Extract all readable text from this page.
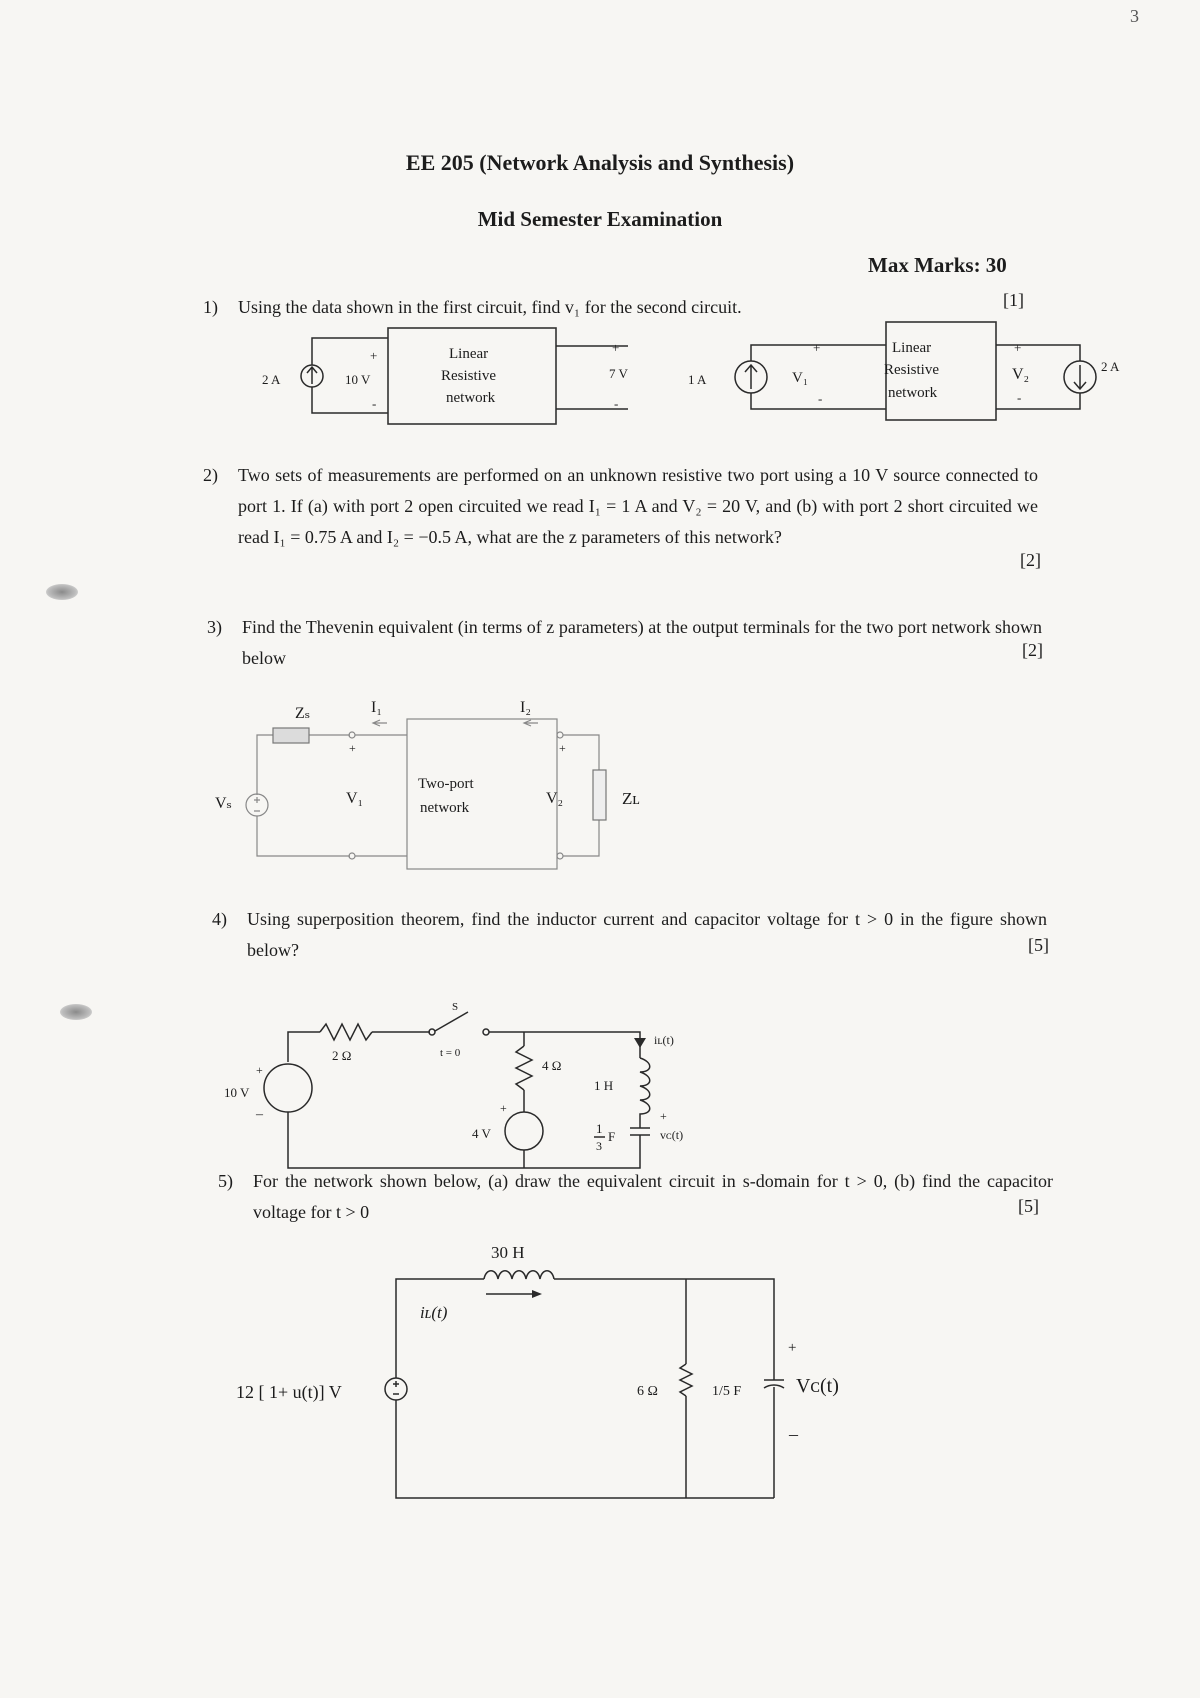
3
EE 205 (Network Analysis and Synthesis)
Mid Semester Examination
Max Marks: 30
1) Using the data shown in the first circuit, find v₁ for the second circuit.	[1]
2 A
+
10 V
-
Linear
Resistive
network
+
7 V
-
1 A
+
V₁
-
Linear
Resistive
network
+
V₂
-
2 A
2) Two sets of measurements are performed on an unknown resistive two port using a 10 V source connected to port 1. If (a) with port 2 open circuited we read I₁ = 1 A and V₂ = 20 V, and (b) with port 2 short circuited we read I₁ = 0.75 A and I₂ = −0.5 A, what are the z parameters of this network?
[2]
3) Find the Thevenin equivalent (in terms of z parameters) at the output terminals for the two port network shown below	[2]
Zₛ	I₁	I₂
Vₛ	V₁	V₂
Two-port
network	Zʟ
+	+
4) Using superposition theorem, find the inductor current and capacitor voltage for t > 0 in the figure shown below?	[5]
10 V
+
–
2 Ω
S
t = 0
4 Ω
+
4 V
iʟ(t)
1 H
1
3
F
+
vᴄ(t)
5) For the network shown below, (a) draw the equivalent circuit in s-domain for t > 0, (b) find the capacitor voltage for t > 0	[5]
30 H
iʟ(t)
12 [ 1+ u(t)] V	6 Ω	1/5 F
+
Vᴄ(t)
–
